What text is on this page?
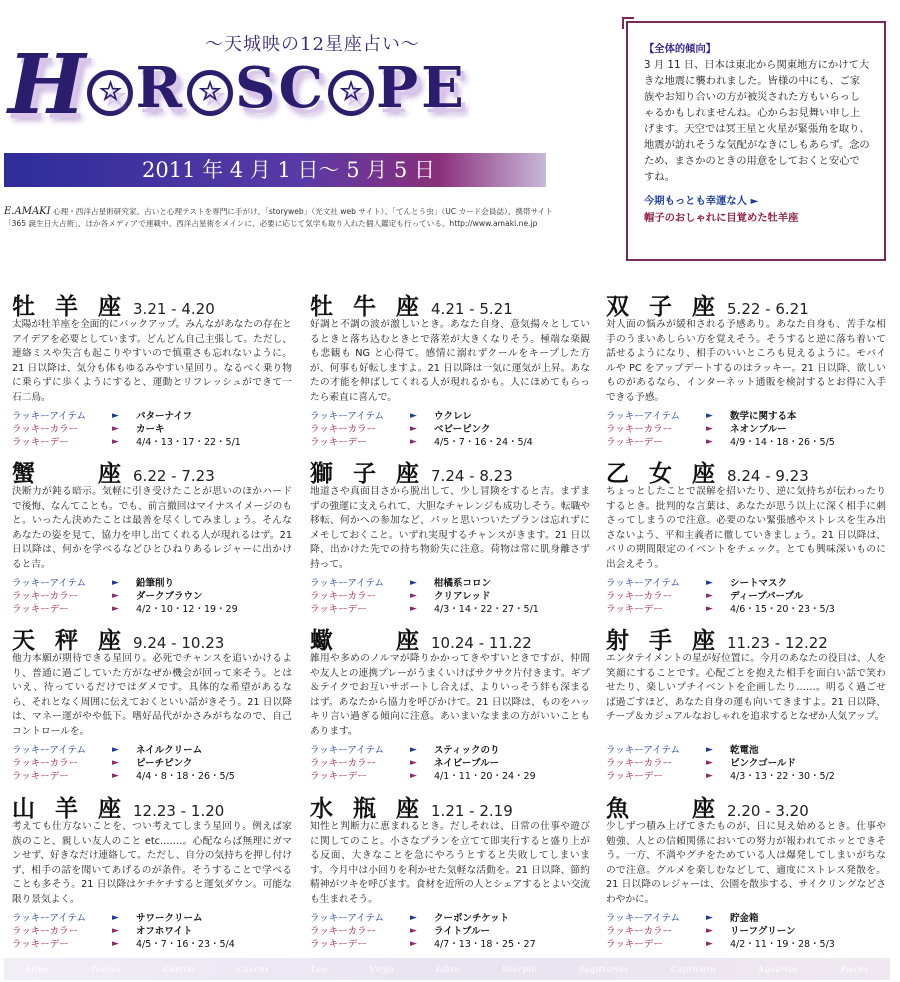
〜天城映の12星座占い〜
H ☆ R ☆ SC ☆ PE
2011 年 4 月 1 日〜 5 月 5 日
E.AMAKI 心理・西洋占星術研究家。占いと心理テストを専門に手がけ、「storyweb」（光文社 web サイト）、「てんとう虫」（UC カード会員誌）、携帯サイト
「365 誕生日大占術」、ほか各メディアで連載中。西洋占星術をメインに、必要に応じて気学も取り入れた個人鑑定も行っている。http://www.amaki.ne.jp
【全体的傾向】
3 月 11 日、日本は東北から関東地方にかけて大きな地震に襲われました。皆様の中にも、ご家族やお知り合いの方が被災された方もいらっしゃるかもしれませんね。心からお見舞い申し上げます。天空では冥王星と火星が緊張角を取り、地震が訪れそうな気配がなきにしもあらず。念のため、まさかのときの用意をしておくと安心ですね。
今期もっとも幸運な人 ►
帽子のおしゃれに目覚めた牡羊座
牡 羊 座 3.21 - 4.20
太陽が牡羊座を全面的にバックアップ。みんながあなたの存在とアイデアを必要としています。どんどん自己主張して。ただし、連絡ミスや失言も起こりやすいので慎重さも忘れないように。21 日以降は、気分も体もゆるみやすい星回り。なるべく乗り物に乗らずに歩くようにすると、運動とリフレッシュができて一石二鳥。
ラッキーアイテム	►	パターナイフ
ラッキーカラー	►	カーキ
ラッキーデー	►	4/4・13・17・22・5/1
牡 牛 座 4.21 - 5.21
好調と不調の波が激しいとき。あなた自身、意気揚々としているときと落ち込むときとで落差が大きくなりそう。極端な楽観も悲観も NG と心得て。感情に溺れずクールをキープした方が、何事も好転しますよ。21 日以降は一気に運気が上昇。あなたの才能を伸ばしてくれる人が現れるかも。人にほめてもらったら素直に喜んで。
ラッキーアイテム	►	ウクレレ
ラッキーカラー	►	ベビーピンク
ラッキーデー	►	4/5・7・16・24・5/4
双 子 座 5.22 - 6.21
対人面の悩みが緩和される予感あり。あなた自身も、苦手な相手のうまいあしらい方を覚えそう。そうすると逆に落ち着いて話せるようになり、相手のいいところも見えるように。モバイルや PC をアップデートするのはラッキー。21 日以降、欲しいものがあるなら、インターネット通販を検討するとお得に入手できる予感。
ラッキーアイテム	►	数学に関する本
ラッキーカラー	►	ネオンブルー
ラッキーデー	►	4/9・14・18・26・5/5
蟹 　 座 6.22 - 7.23
決断力が鈍る暗示。気軽に引き受けたことが思いのほかハードで後悔、なんてことも。でも、前言撤回はマイナスイメージのもと。いったん決めたことは最善を尽くしてみましょう。そんなあなたの姿を見て、協力を申し出てくれる人が現れるはず。21 日以降は、何かを学べるなどひとひねりあるレジャーに出かけると吉。
ラッキーアイテム	►	鉛筆削り
ラッキーカラー	►	ダークブラウン
ラッキーデー	►	4/2・10・12・19・29
獅 子 座 7.24 - 8.23
地道さや真面目さから脱出して、少し冒険をすると吉。まずまずの強運に支えられて、大胆なチャレンジも成功しそう。転職や移転、何かへの参加など、パッと思いついたプランは忘れずにメモしておくこと。いずれ実現するチャンスがきます。21 日以降、出かけた先での持ち物紛失に注意。荷物は常に肌身離さず持って。
ラッキーアイテム	►	柑橘系コロン
ラッキーカラー	►	クリアレッド
ラッキーデー	►	4/3・14・22・27・5/1
乙 女 座 8.24 - 9.23
ちょっとしたことで誤解を招いたり、逆に気持ちが伝わったりするとき。批判的な言葉は、あなたが思う以上に深く相手に刺さってしまうので注意。必要のない緊張感やストレスを生み出さないよう、平和主義者に徹していきましょう。21 日以降は、パリの期間限定のイベントをチェック。とても興味深いものに出会えそう。
ラッキーアイテム	►	シートマスク
ラッキーカラー	►	ディープパープル
ラッキーデー	►	4/6・15・20・23・5/3
天 秤 座 9.24 - 10.23
他力本願が期待できる星回り。必死でチャンスを追いかけるより、普通に過ごしていた方がなぜか機会が回って来そう。とはいえ、待っているだけではダメです。具体的な希望があるなら、それとなく周囲に伝えておくといい話がきそう。21 日以降は、マネー運がやや低下。嗜好品代がかさみがちなので、自己コントロールを。
ラッキーアイテム	►	ネイルクリーム
ラッキーカラー	►	ピーチピンク
ラッキーデー	►	4/4・8・18・26・5/5
蠍 　 座 10.24 - 11.22
雑用や多めのノルマが降りかかってきやすいときですが、仲間や友人との連携プレーがうまくいけばサクサク片付きます。ギブ＆テイクでお互いサポートし合えば、よりいっそう絆も深まるはず。あなたから協力を呼びかけて。21 日以降は、ものをハッキリ言い過ぎる傾向に注意。あいまいなままの方がいいこともあります。
ラッキーアイテム	►	スティックのり
ラッキーカラー	►	ネイビーブルー
ラッキーデー	►	4/1・11・20・24・29
射 手 座 11.23 - 12.22
エンタテイメントの星が好位置に。今月のあなたの役目は、人を笑顔にすることです。心配ごとを抱えた相手を面白い話で笑わせたり、楽しいプチイベントを企画したり……。明るく過ごせば過ごすほど、あなた自身の運も向いてきますよ。21 日以降、チープ＆カジュアルなおしゃれを追求するとなぜか人気アップ。
ラッキーアイテム	►	乾電池
ラッキーカラー	►	ピンクゴールド
ラッキーデー	►	4/3・13・22・30・5/2
山 羊 座 12.23 - 1.20
考えても仕方ないことを、つい考えてしまう星回り。例えば家族のこと、親しい友人のこと etc.……。心配ならば無理にガマンせず、好きなだけ連絡して。ただし、自分の気持ちを押し付けず、相手の話を聞いてあげるのが条件。そうすることで学べることも多そう。21 日以降はケチケチすると運気ダウン。可能な限り景気よく。
ラッキーアイテム	►	サワークリーム
ラッキーカラー	►	オフホワイト
ラッキーデー	►	4/5・7・16・23・5/4
水 瓶 座 1.21 - 2.19
知性と判断力に恵まれるとき。だしそれは、日常の仕事や遊びに関してのこと。小さなプランを立てて即実行すると盛り上がる反面、大きなことを急にやろうとすると失敗してしまいます。今月中は小回りを利かせた気軽な活動を。21 日以降、節約精神がツキを呼びます。食材を近所の人とシェアするとよい交流も生まれそう。
ラッキーアイテム	►	クーポンチケット
ラッキーカラー	►	ライトブルー
ラッキーデー	►	4/7・13・18・25・27
魚 　 座 2.20 - 3.20
少しずつ積み上げてきたものが、日に見え始めるとき。仕事や勉強、人との信頼関係においての努力が報われてホッとできそう。一方、不満やグチをためている人は爆発してしまいがちなので注意。グルメを楽しむなどして、適度にストレス発散を。21 日以降のレジャーは、公園を散歩する、サイクリングなどさわやかに。
ラッキーアイテム	►	貯金箱
ラッキーカラー	►	リーフグリーン
ラッキーデー	►	4/2・11・19・28・5/3
Aries	Taurus	Gemini	Cancer	Leo	Virgo	Libra	Scorpio	Sagittarius	Capricorn	Aquarius	Pisces
